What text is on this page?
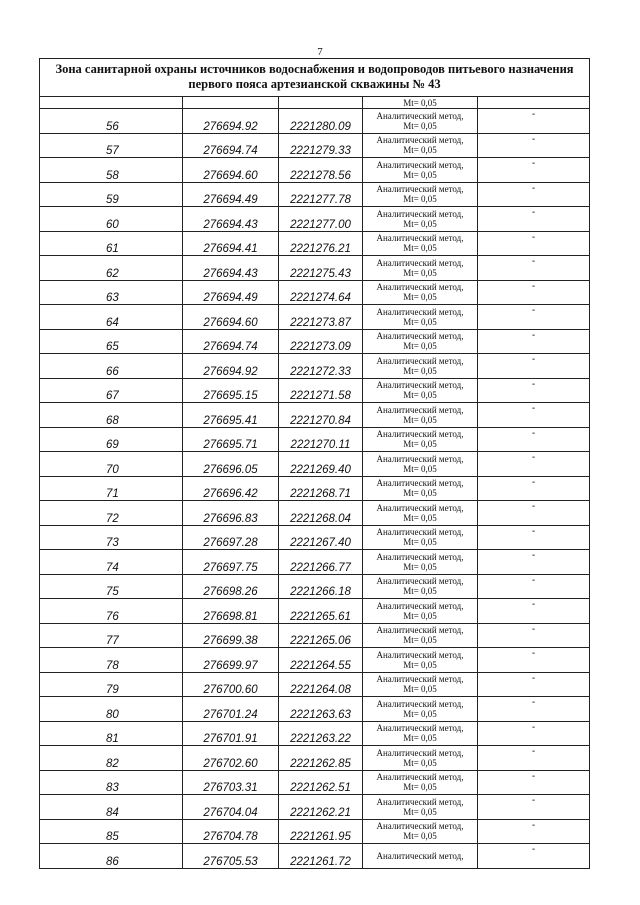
7
Зона санитарной охраны источников водоснабжения и водопроводов питьевого назначения
первого пояса артезианской скважины № 43				

			Mt= 0,05	
56	276694.92	2221280.09	Аналитический метод,
Mt= 0,05	-
57	276694.74	2221279.33	Аналитический метод,
Mt= 0,05	-
58	276694.60	2221278.56	Аналитический метод,
Mt= 0,05	-
59	276694.49	2221277.78	Аналитический метод,
Mt= 0,05	-
60	276694.43	2221277.00	Аналитический метод,
Mt= 0,05	-
61	276694.41	2221276.21	Аналитический метод,
Mt= 0,05	-
62	276694.43	2221275.43	Аналитический метод,
Mt= 0,05	-
63	276694.49	2221274.64	Аналитический метод,
Mt= 0,05	-
64	276694.60	2221273.87	Аналитический метод,
Mt= 0,05	-
65	276694.74	2221273.09	Аналитический метод,
Mt= 0,05	-
66	276694.92	2221272.33	Аналитический метод,
Mt= 0,05	-
67	276695.15	2221271.58	Аналитический метод,
Mt= 0,05	-
68	276695.41	2221270.84	Аналитический метод,
Mt= 0,05	-
69	276695.71	2221270.11	Аналитический метод,
Mt= 0,05	-
70	276696.05	2221269.40	Аналитический метод,
Mt= 0,05	-
71	276696.42	2221268.71	Аналитический метод,
Mt= 0,05	-
72	276696.83	2221268.04	Аналитический метод,
Mt= 0,05	-
73	276697.28	2221267.40	Аналитический метод,
Mt= 0,05	-
74	276697.75	2221266.77	Аналитический метод,
Mt= 0,05	-
75	276698.26	2221266.18	Аналитический метод,
Mt= 0,05	-
76	276698.81	2221265.61	Аналитический метод,
Mt= 0,05	-
77	276699.38	2221265.06	Аналитический метод,
Mt= 0,05	-
78	276699.97	2221264.55	Аналитический метод,
Mt= 0,05	-
79	276700.60	2221264.08	Аналитический метод,
Mt= 0,05	-
80	276701.24	2221263.63	Аналитический метод,
Mt= 0,05	-
81	276701.91	2221263.22	Аналитический метод,
Mt= 0,05	-
82	276702.60	2221262.85	Аналитический метод,
Mt= 0,05	-
83	276703.31	2221262.51	Аналитический метод,
Mt= 0,05	-
84	276704.04	2221262.21	Аналитический метод,
Mt= 0,05	-
85	276704.78	2221261.95	Аналитический метод,
Mt= 0,05	-
86	276705.53	2221261.72	Аналитический метод,	-
